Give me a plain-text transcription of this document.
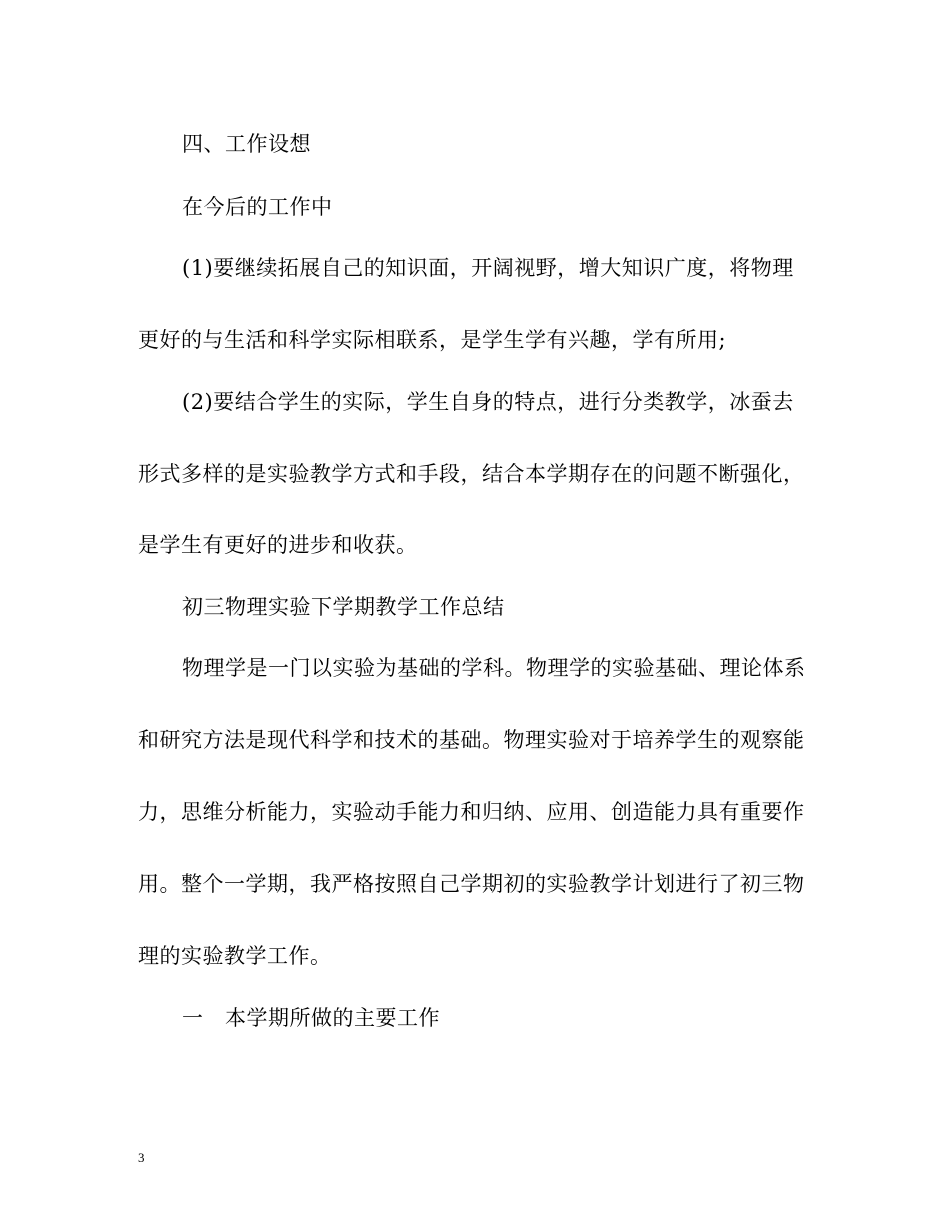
四、工作设想
在今后的工作中
(1)要继续拓展自己的知识面，开阔视野，增大知识广度，将物理
更好的与生活和科学实际相联系，是学生学有兴趣，学有所用;
(2)要结合学生的实际，学生自身的特点，进行分类教学，冰蚕去
形式多样的是实验教学方式和手段，结合本学期存在的问题不断强化，
是学生有更好的进步和收获。
初三物理实验下学期教学工作总结
物理学是一门以实验为基础的学科。物理学的实验基础、理论体系
和研究方法是现代科学和技术的基础。物理实验对于培养学生的观察能
力，思维分析能力，实验动手能力和归纳、应用、创造能力具有重要作
用。整个一学期，我严格按照自己学期初的实验教学计划进行了初三物
理的实验教学工作。
一　本学期所做的主要工作
3
